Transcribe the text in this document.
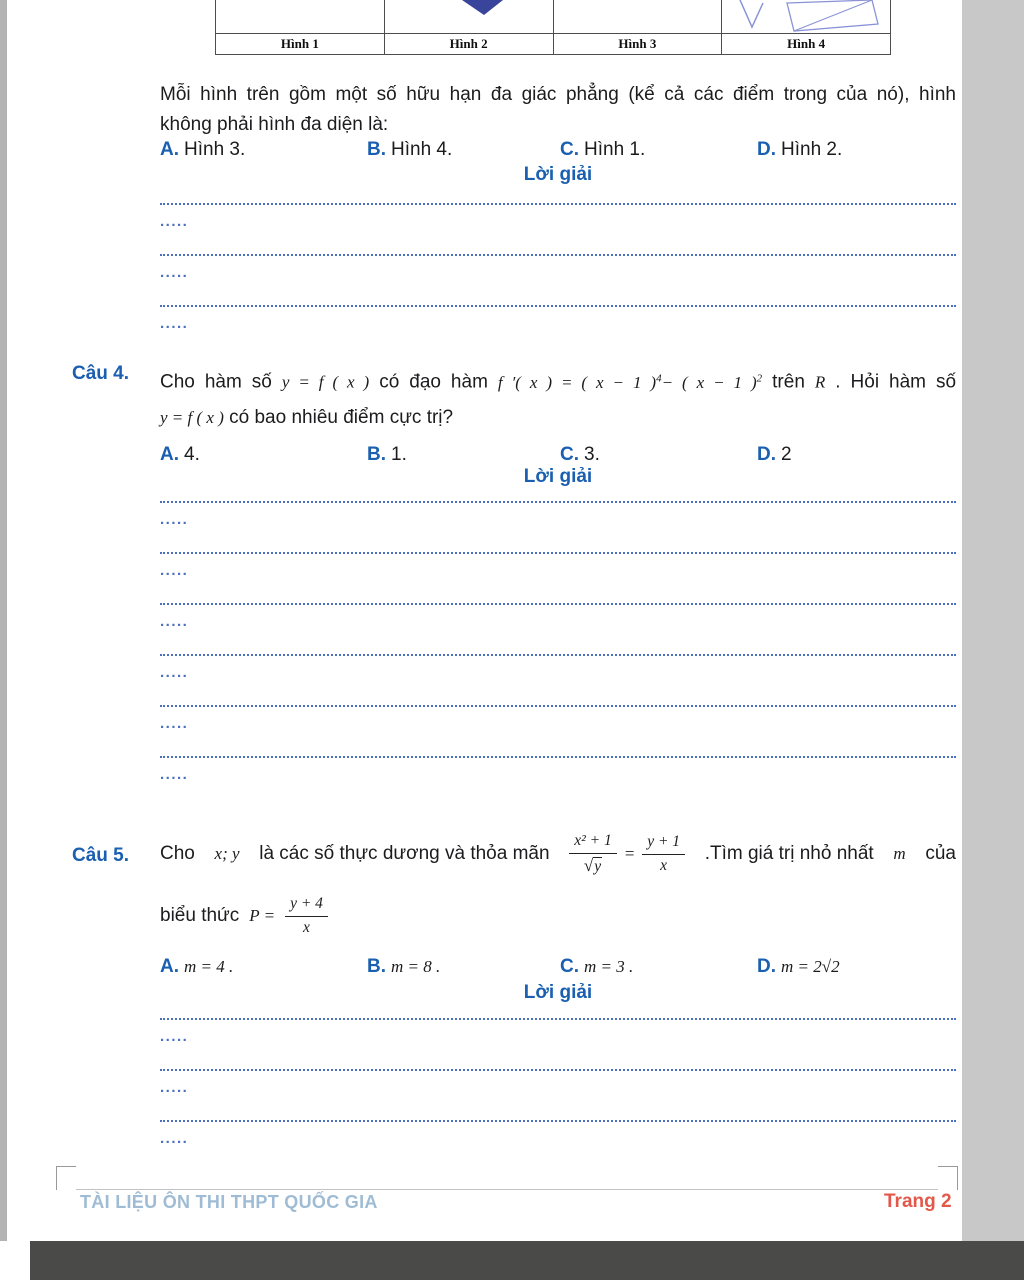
Hình 1	Hình 2	Hình 3	Hình 4
Mỗi hình trên gồm một số hữu hạn đa giác phẳng (kể cả các điểm trong của nó), hình
không phải hình đa diện là:
A. Hình 3.	B. Hình 4.	C. Hình 1.	D. Hình 2.
Lời giải
.....
.....
.....
Câu 4. Cho hàm số y = f ( x ) có đạo hàm f ′( x ) = ( x − 1 )$^4$− ( x − 1 )$^2$ trên R . Hỏi hàm số
y = f ( x ) có bao nhiêu điểm cực trị?
A. 4.	B. 1.	C. 3.	D. 2
Lời giải
.....
.....
.....
.....
.....
.....
Câu 5. Cho x; y là các số thực dương và thỏa mãn $\frac{\text{x² + 1}}{√y} = \frac{y + 1}{x}$ .Tìm giá trị nhỏ nhất m của
biểu thức $P = \frac{y + 4}{x}$
A. m = 4 .	B. m = 8 .	C. m = 3 .	D. m = 2√2
Lời giải
.....
.....
.....
TÀI LIỆU ÔN THI THPT QUỐC GIA	Trang 2
